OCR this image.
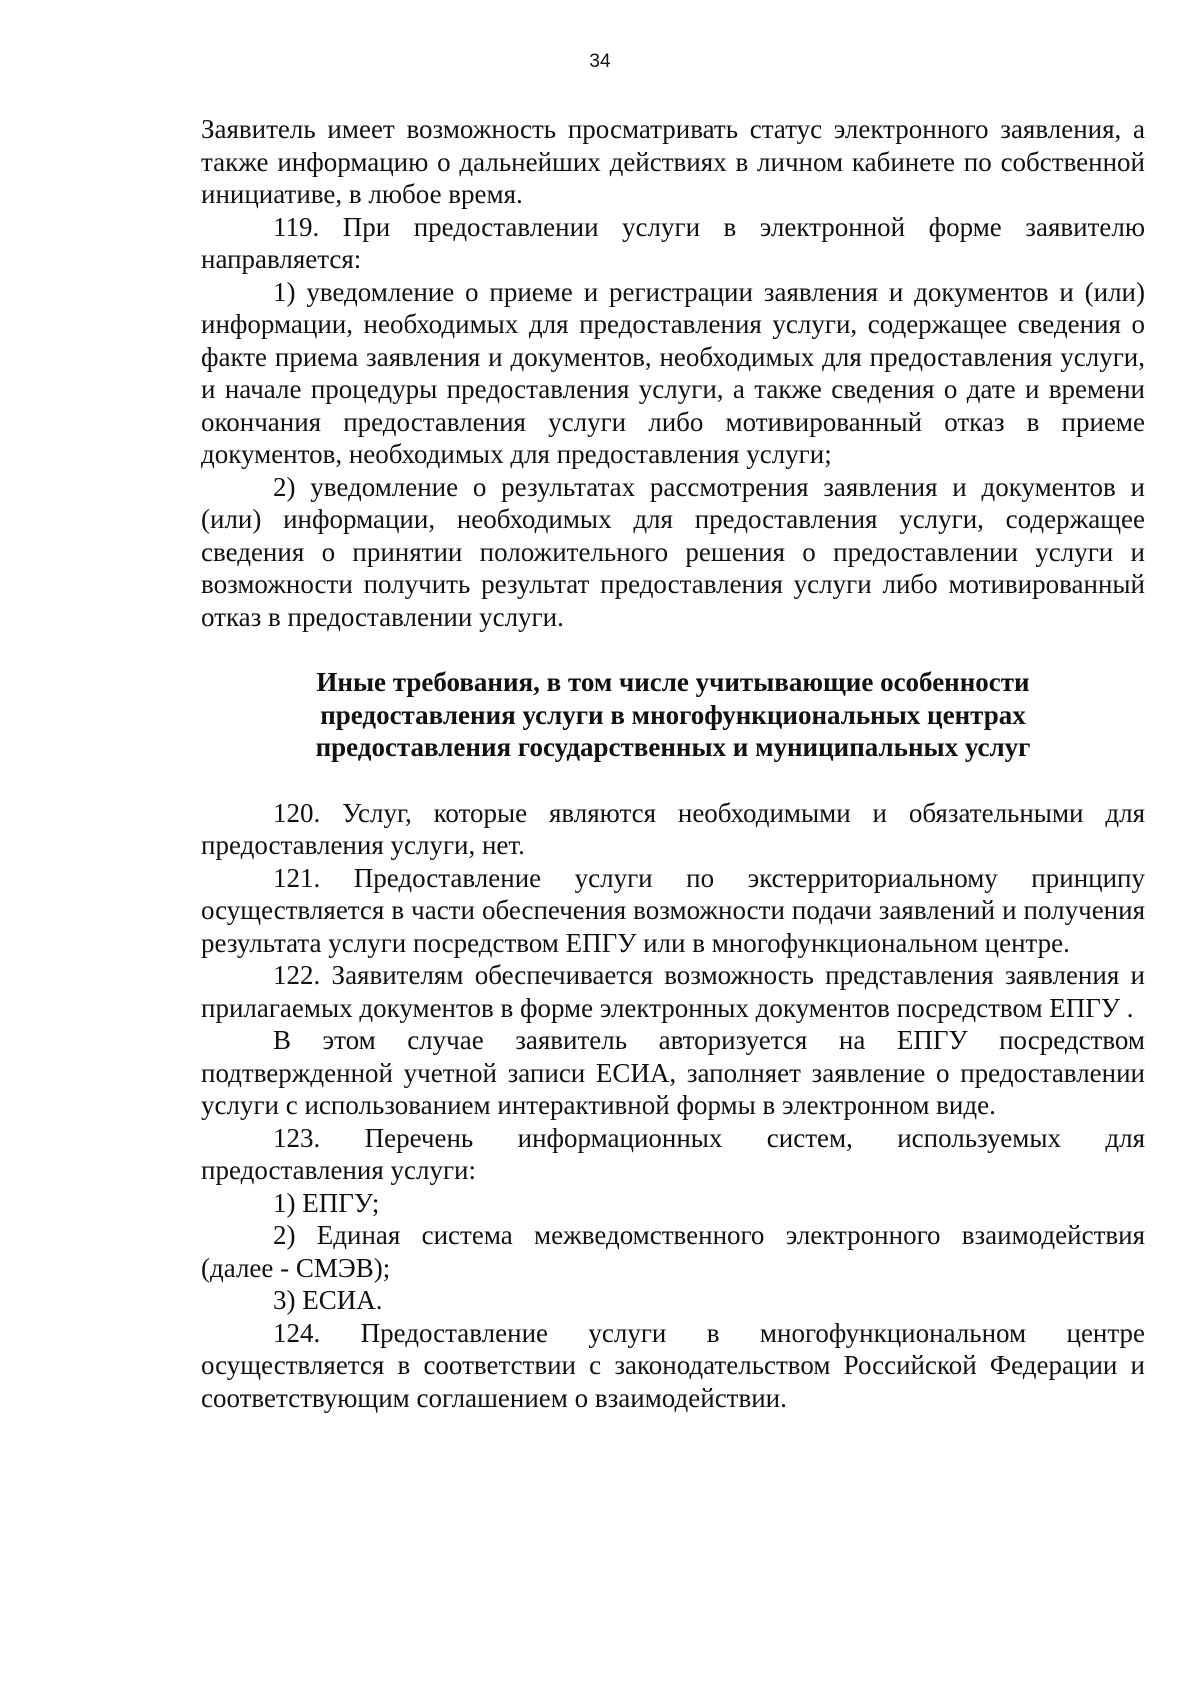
34

Заявитель имеет возможность просматривать статус электронного заявления, а также информацию о дальнейших действиях в личном кабинете по собственной инициативе, в любое время.

119. При предоставлении услуги в электронной форме заявителю направляется:

1) уведомление о приеме и регистрации заявления и документов и (или) информации, необходимых для предоставления услуги, содержащее сведения о факте приема заявления и документов, необходимых для предоставления услуги, и начале процедуры предоставления услуги, а также сведения о дате и времени окончания предоставления услуги либо мотивированный отказ в приеме документов, необходимых для предоставления услуги;

2) уведомление о результатах рассмотрения заявления и документов и (или) информации, необходимых для предоставления услуги, содержащее сведения о принятии положительного решения о предоставлении услуги и возможности получить результат предоставления услуги либо мотивированный отказ в предоставлении услуги.

Иные требования, в том числе учитывающие особенности предоставления услуги в многофункциональных центрах предоставления государственных и муниципальных услуг

120. Услуг, которые являются необходимыми и обязательными для предоставления услуги, нет.

121. Предоставление услуги по экстерриториальному принципу осуществляется в части обеспечения возможности подачи заявлений и получения результата услуги посредством ЕПГУ или в многофункциональном центре.

122. Заявителям обеспечивается возможность представления заявления и прилагаемых документов в форме электронных документов посредством ЕПГУ .

В этом случае заявитель авторизуется на ЕПГУ посредством подтвержденной учетной записи ЕСИА, заполняет заявление о предоставлении услуги с использованием интерактивной формы в электронном виде.

123. Перечень информационных систем, используемых для предоставления услуги:

1) ЕПГУ;

2) Единая система межведомственного электронного взаимодействия (далее - СМЭВ);

3) ЕСИА.

124. Предоставление услуги в многофункциональном центре осуществляется в соответствии с законодательством Российской Федерации и соответствующим соглашением о взаимодействии.
